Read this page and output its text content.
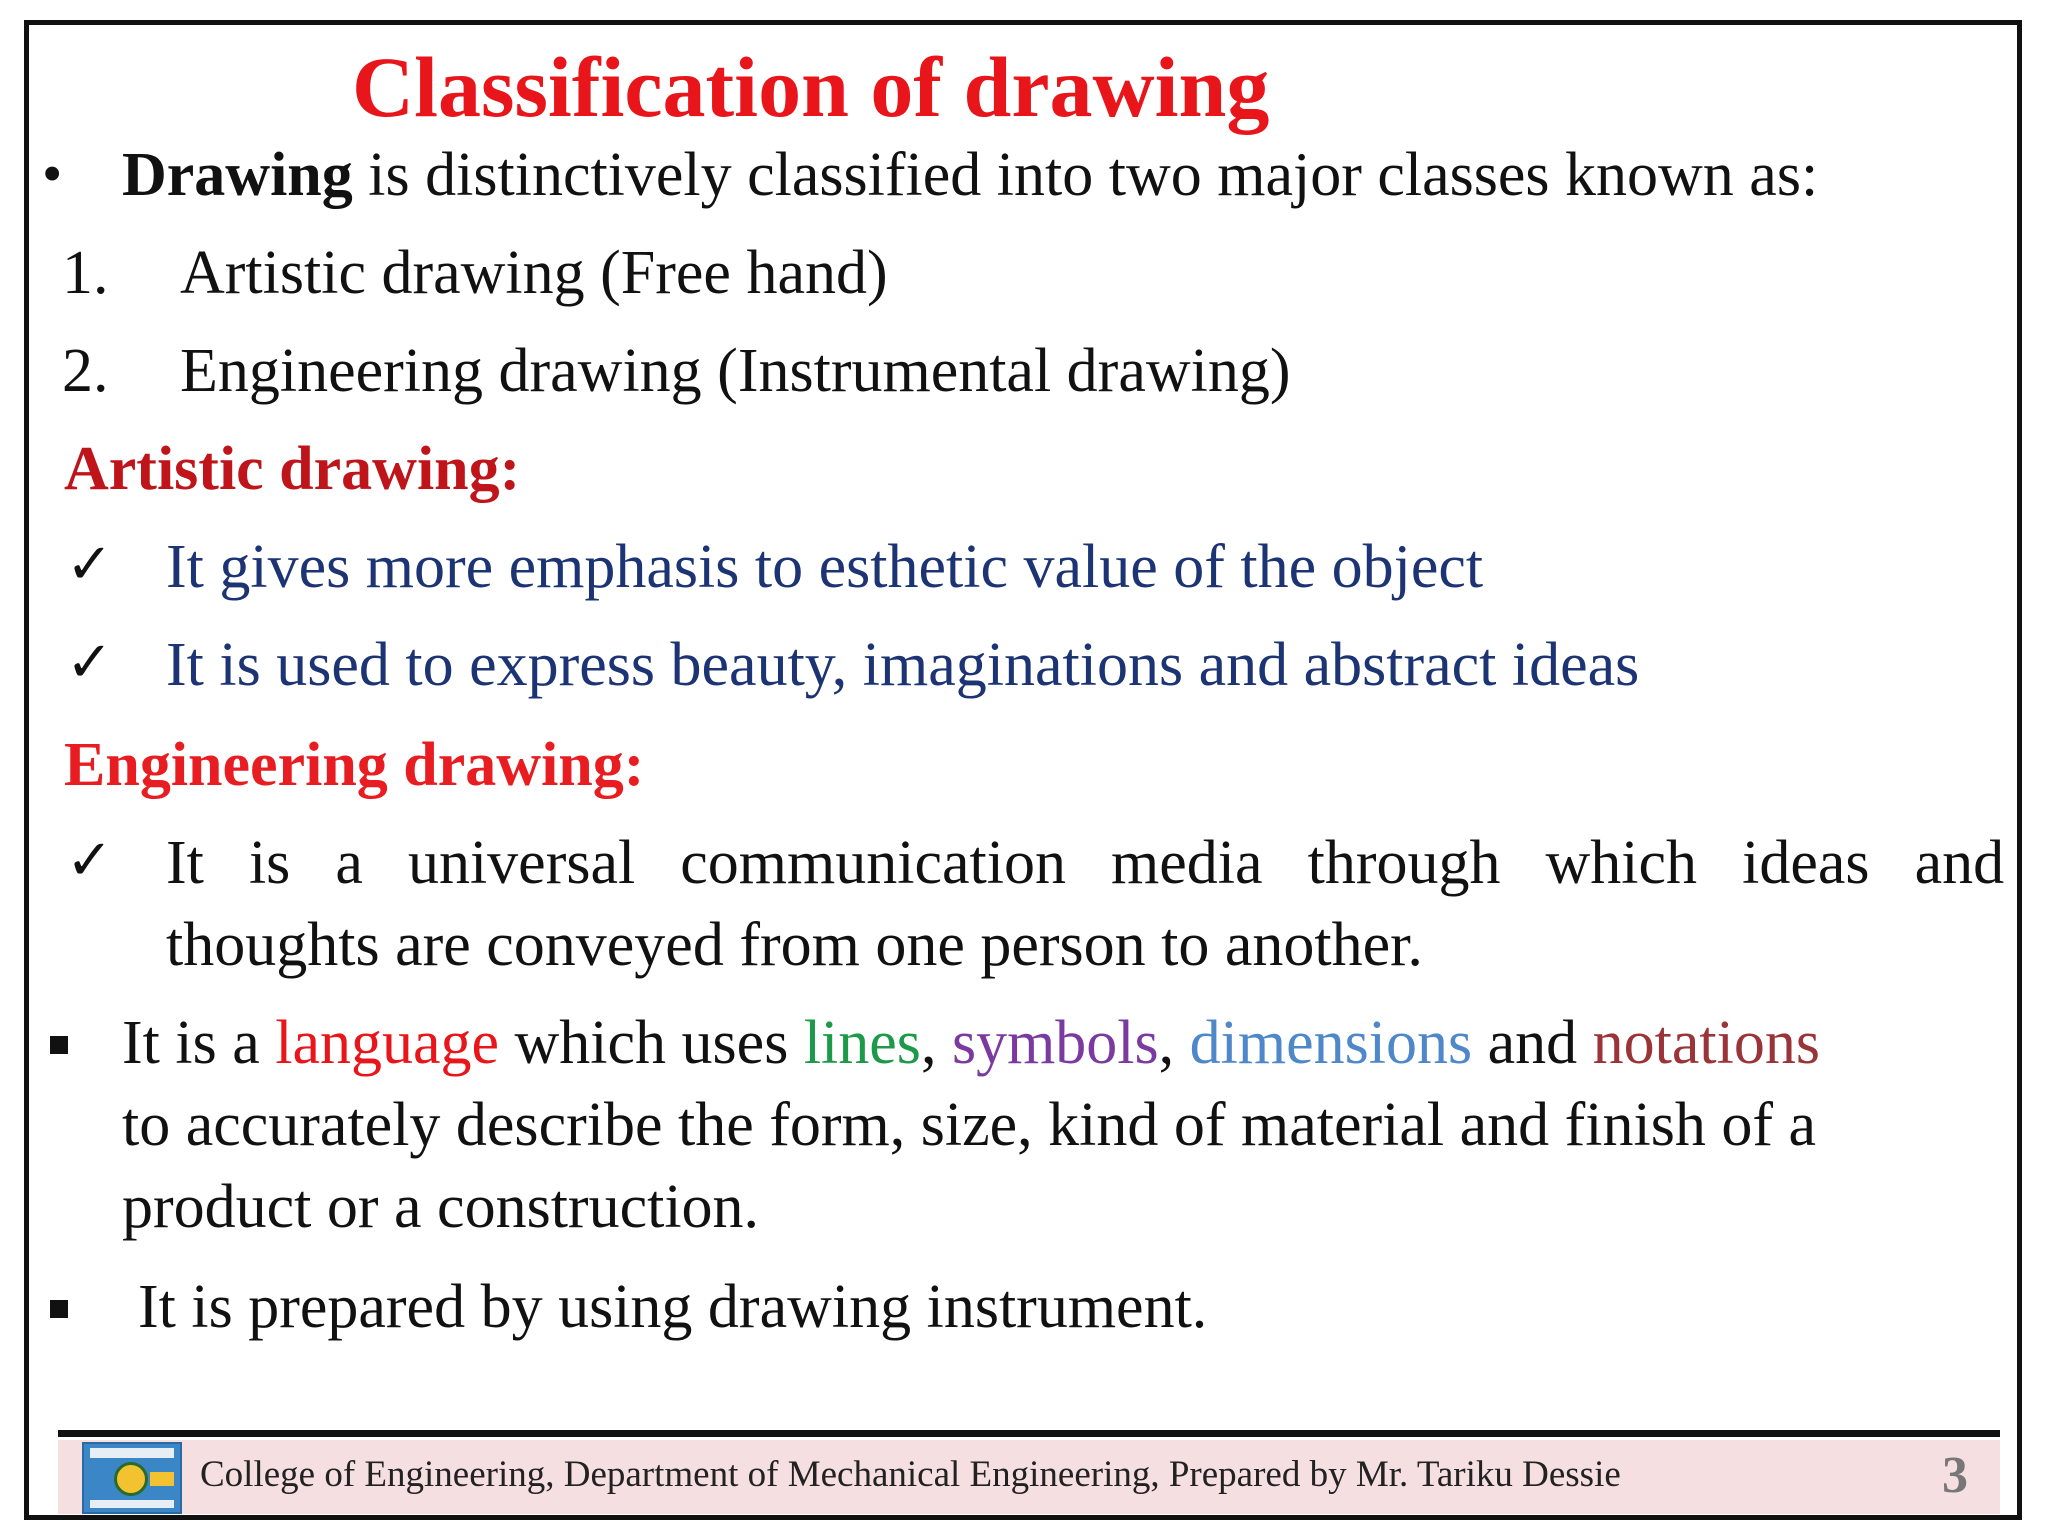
Classification of drawing
• Drawing is distinctively classified into two major classes known as:
1. Artistic drawing (Free hand)
2. Engineering drawing (Instrumental drawing)
Artistic drawing:
✓ It gives more emphasis to esthetic value of the object
✓ It is used to express beauty, imaginations and abstract ideas
Engineering drawing:
✓ It is a universal communication media through which ideas and
thoughts are conveyed from one person to another.
It is a language which uses lines, symbols, dimensions and notations
to accurately describe the form, size, kind of material and finish of a
product or a construction.
It is prepared by using drawing instrument.
College of Engineering, Department of Mechanical Engineering, Prepared by Mr. Tariku Dessie	3
